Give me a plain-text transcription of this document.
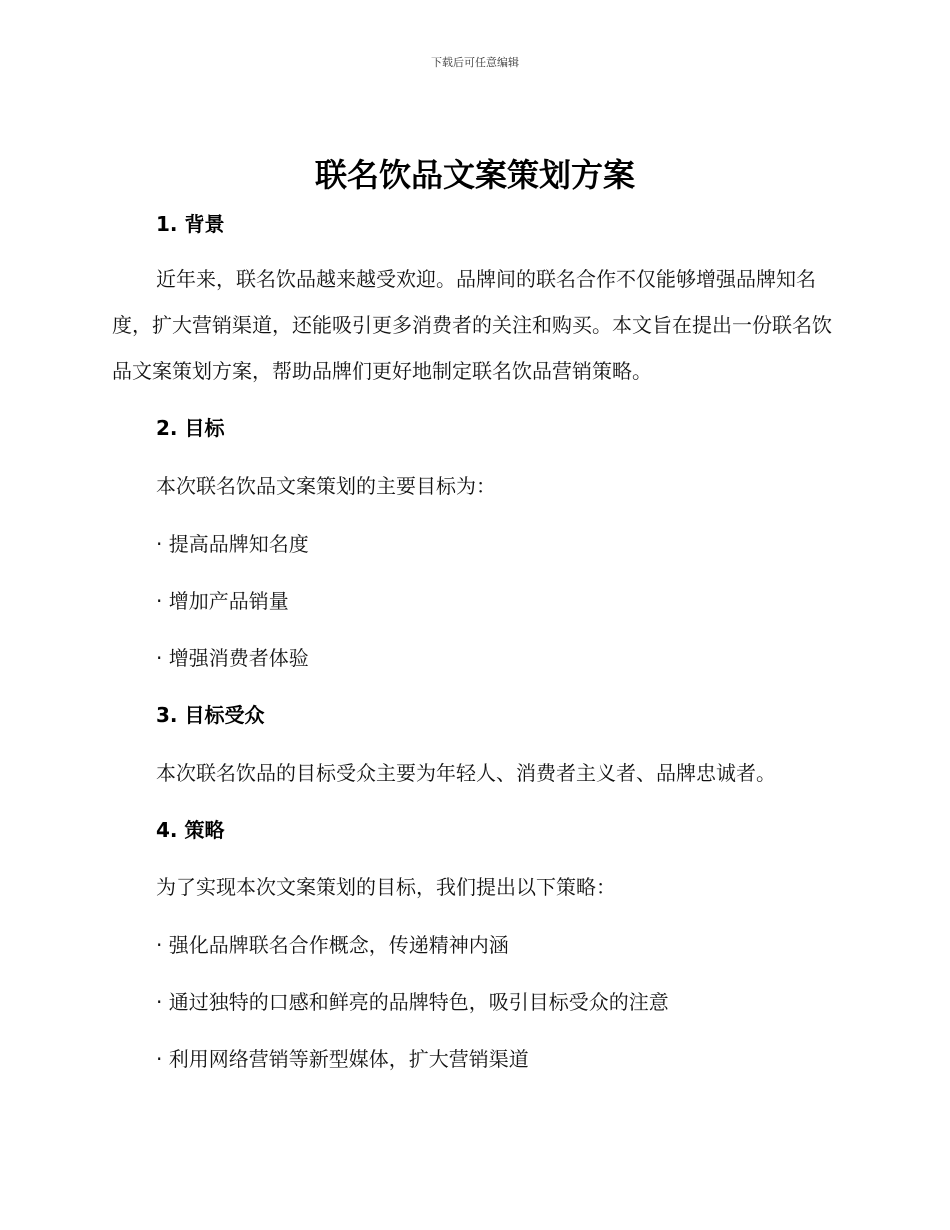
下载后可任意编辑
联名饮品文案策划方案
1. 背景

近年来，联名饮品越来越受欢迎。品牌间的联名合作不仅能够增强品牌知名度，扩大营销渠道，还能吸引更多消费者的关注和购买。本文旨在提出一份联名饮品文案策划方案，帮助品牌们更好地制定联名饮品营销策略。

2. 目标
本次联名饮品文案策划的主要目标为：
· 提高品牌知名度
· 增加产品销量
· 增强消费者体验
3. 目标受众
本次联名饮品的目标受众主要为年轻人、消费者主义者、品牌忠诚者。
4. 策略
为了实现本次文案策划的目标，我们提出以下策略：
· 强化品牌联名合作概念，传递精神内涵
· 通过独特的口感和鲜亮的品牌特色，吸引目标受众的注意
· 利用网络营销等新型媒体，扩大营销渠道
